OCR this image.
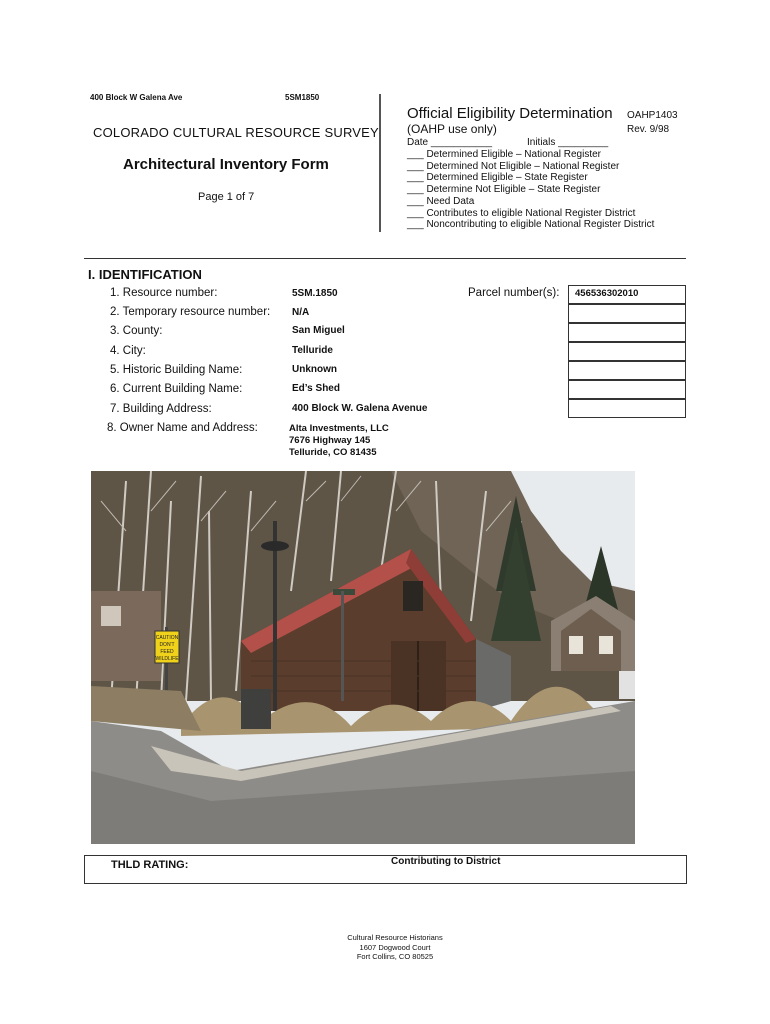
400 Block W Galena Ave	5SM1850
COLORADO CULTURAL RESOURCE SURVEY
Architectural Inventory Form
Page 1 of 7
Official Eligibility Determination
(OAHP use only)
OAHP1403
Rev. 9/98
Date ___________	Initials _________
___ Determined Eligible – National Register
___ Determined Not Eligible – National Register
___ Determined Eligible – State Register
___ Determine Not Eligible – State Register
___ Need Data
___ Contributes to eligible National Register District
___ Noncontributing to eligible National Register District
I. IDENTIFICATION
1. Resource number:	5SM.1850
2. Temporary resource number: N/A
3. County:	San Miguel
4. City:	Telluride
5. Historic Building Name:	Unknown
6. Current Building Name:	Ed’s Shed
7. Building Address:	400 Block W. Galena Avenue
8. Owner Name and Address:	Alta Investments, LLC
7676 Highway 145
Telluride, CO 81435
Parcel number(s):	456536302010
CAUTION
DON'T
FEED
WILDLIFE
THLD RATING:	Contributing to District
Cultural Resource Historians
1607 Dogwood Court
Fort Collins, CO 80525
